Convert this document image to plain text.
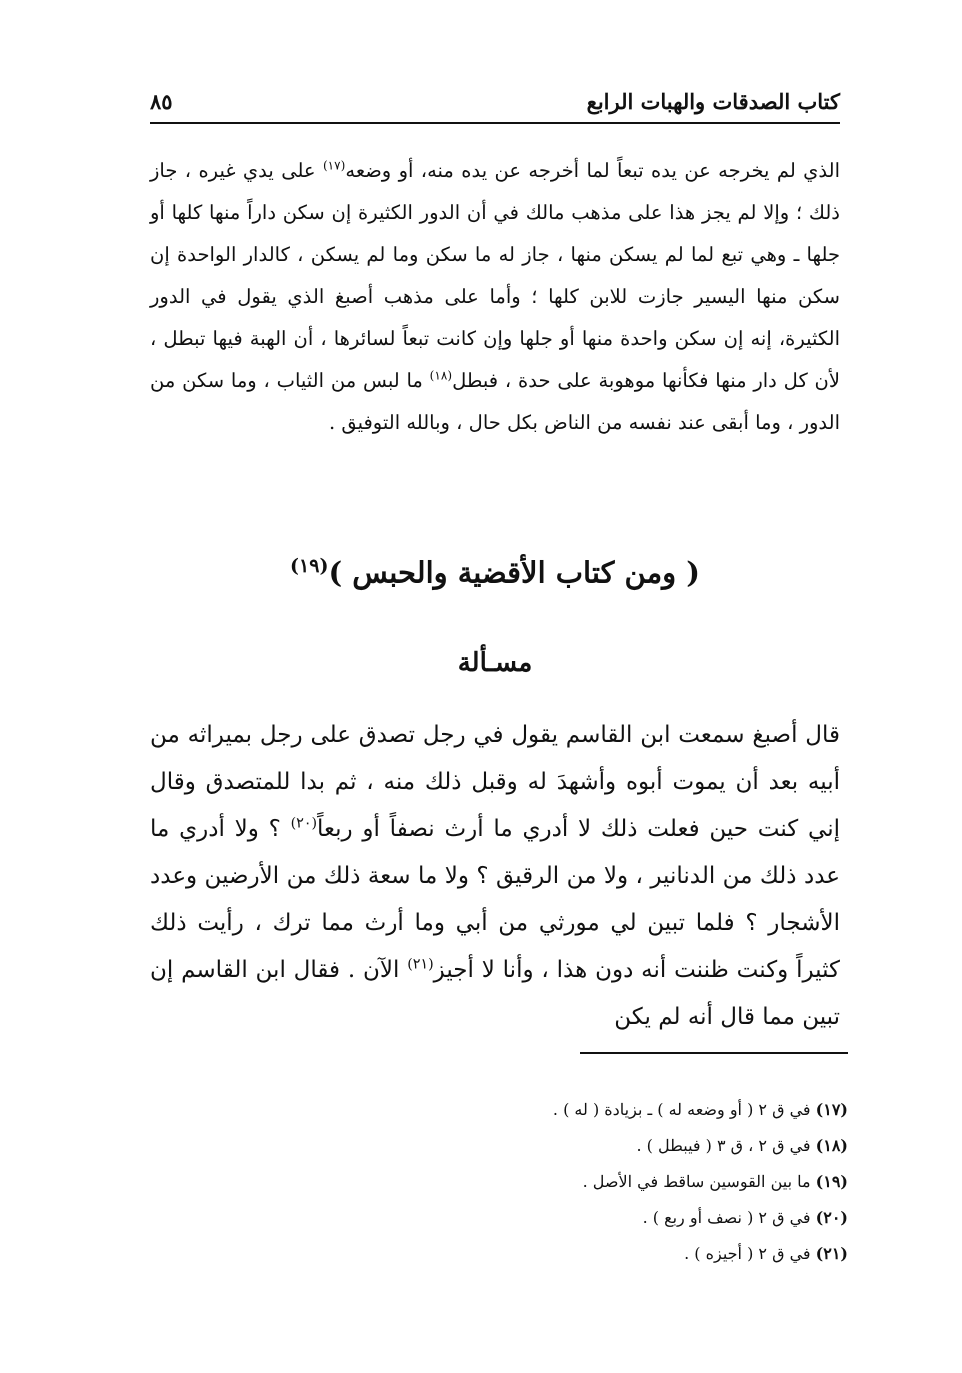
كتاب الصدقات والهبات الرابع
٨٥

الذي لم يخرجه عن يده تبعاً لما أخرجه عن يده منه، أو وضعه$^{(١٧)}$ على يدي غيره ، جاز ذلك ؛ وإلا لم يجز هذا على مذهب مالك في أن الدور الكثيرة إن سكن داراً منها كلها أو جلها ـ وهي تبع لما لم يسكن منها ، جاز له ما سكن وما لم يسكن ، كالدار الواحدة إن سكن منها اليسير جازت للابن كلها ؛ وأما على مذهب أصبغ الذي يقول في الدور الكثيرة، إنه إن سكن واحدة منها أو جلها وإن كانت تبعاً لسائرها ، أن الهبة فيها تبطل ، لأن كل دار منها فكأنها موهوبة على حدة ، فبطل$^{(١٨)}$ ما لبس من الثياب ، وما سكن من الدور ، وما أبقى عند نفسه من الناض بكل حال ، وبالله التوفيق .

( ومن كتاب الأقضية والحبس )$^{(١٩)}$
مسـألة

قال أصبغ سمعت ابن القاسم يقول في رجل تصدق على رجل بميراثه من أبيه بعد أن يموت أبوه وأشهدَ له وقبل ذلك منه ، ثم بدا للمتصدق وقال إني كنت حين فعلت ذلك لا أدري ما أرث نصفاً أو ربعاً$^{(٢٠)}$ ؟ ولا أدري ما عدد ذلك من الدنانير ، ولا من الرقيق ؟ ولا ما سعة ذلك من الأرضين وعدد الأشجار ؟ فلما تبين لي مورثي من أبي وما أرث مما ترك ، رأيت ذلك كثيراً وكنت ظننت أنه دون هذا ، وأنا لا أجيز$^{(٢١)}$ الآن . فقال ابن القاسم إن تبين مما قال أنه لم يكن

(١٧) في ق ٢ ( أو وضعه له ) ـ بزيادة ( له ) .
(١٨) في ق ٢ ، ق ٣ ( فيبطل ) .
(١٩) ما بين القوسين ساقط في الأصل .
(٢٠) في ق ٢ ( نصف أو ربع ) .
(٢١) في ق ٢ ( أجيزه ) .
